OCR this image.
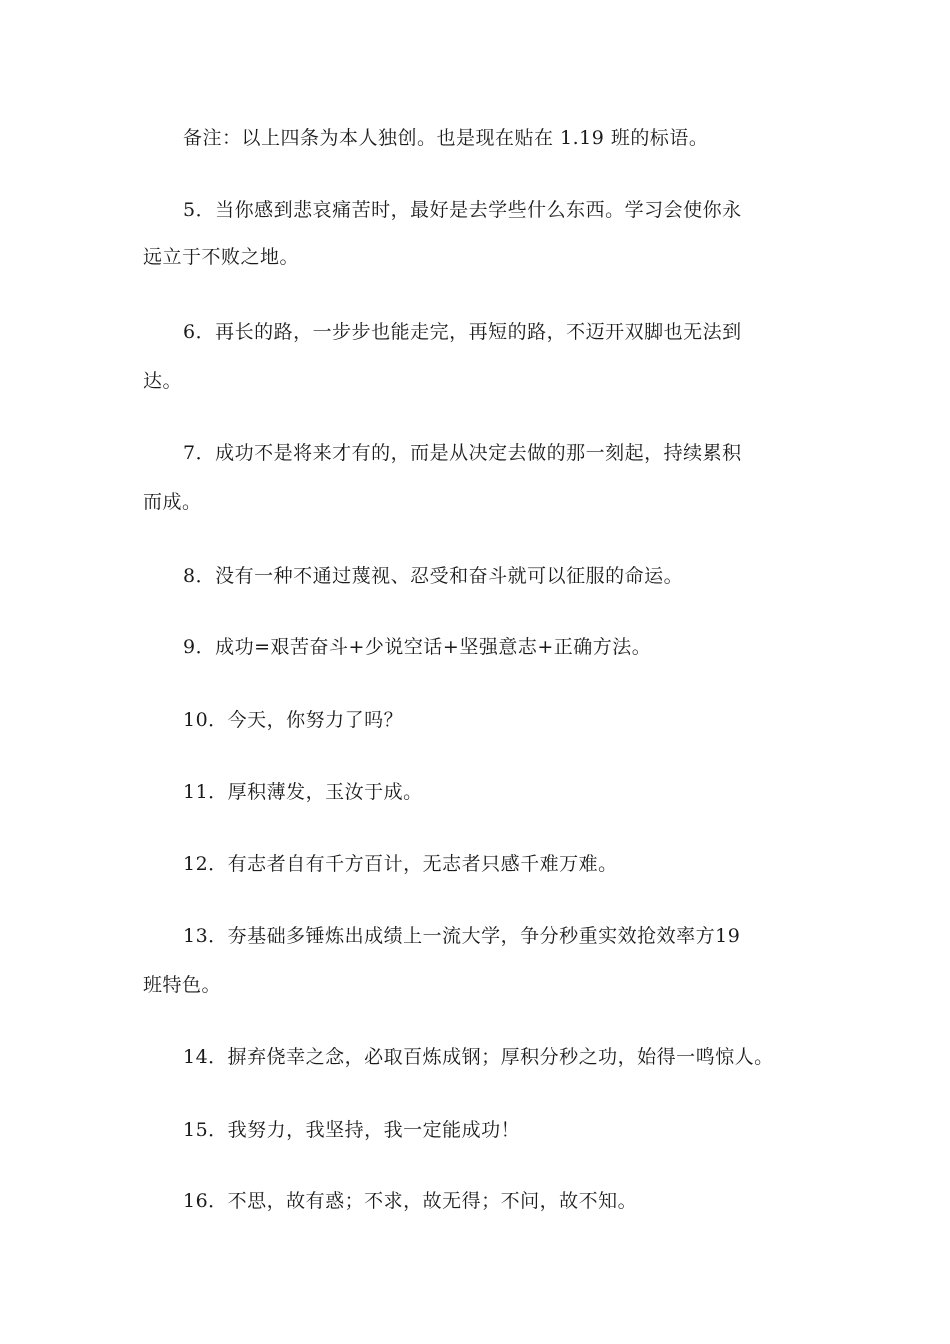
备注：以上四条为本人独创。也是现在贴在 1.19 班的标语。

5．当你感到悲哀痛苦时，最好是去学些什么东西。学习会使你永

远立于不败之地。

6．再长的路，一步步也能走完，再短的路，不迈开双脚也无法到

达。

7．成功不是将来才有的，而是从决定去做的那一刻起，持续累积

而成。

8．没有一种不通过蔑视、忍受和奋斗就可以征服的命运。

9．成功=艰苦奋斗+少说空话+坚强意志+正确方法。

10．今天，你努力了吗？

11．厚积薄发，玉汝于成。

12．有志者自有千方百计，无志者只感千难万难。

13．夯基础多锤炼出成绩上一流大学，争分秒重实效抢效率方19

班特色。

14．摒弃侥幸之念，必取百炼成钢；厚积分秒之功，始得一鸣惊人。

15．我努力，我坚持，我一定能成功！

16．不思，故有惑；不求，故无得；不问，故不知。
